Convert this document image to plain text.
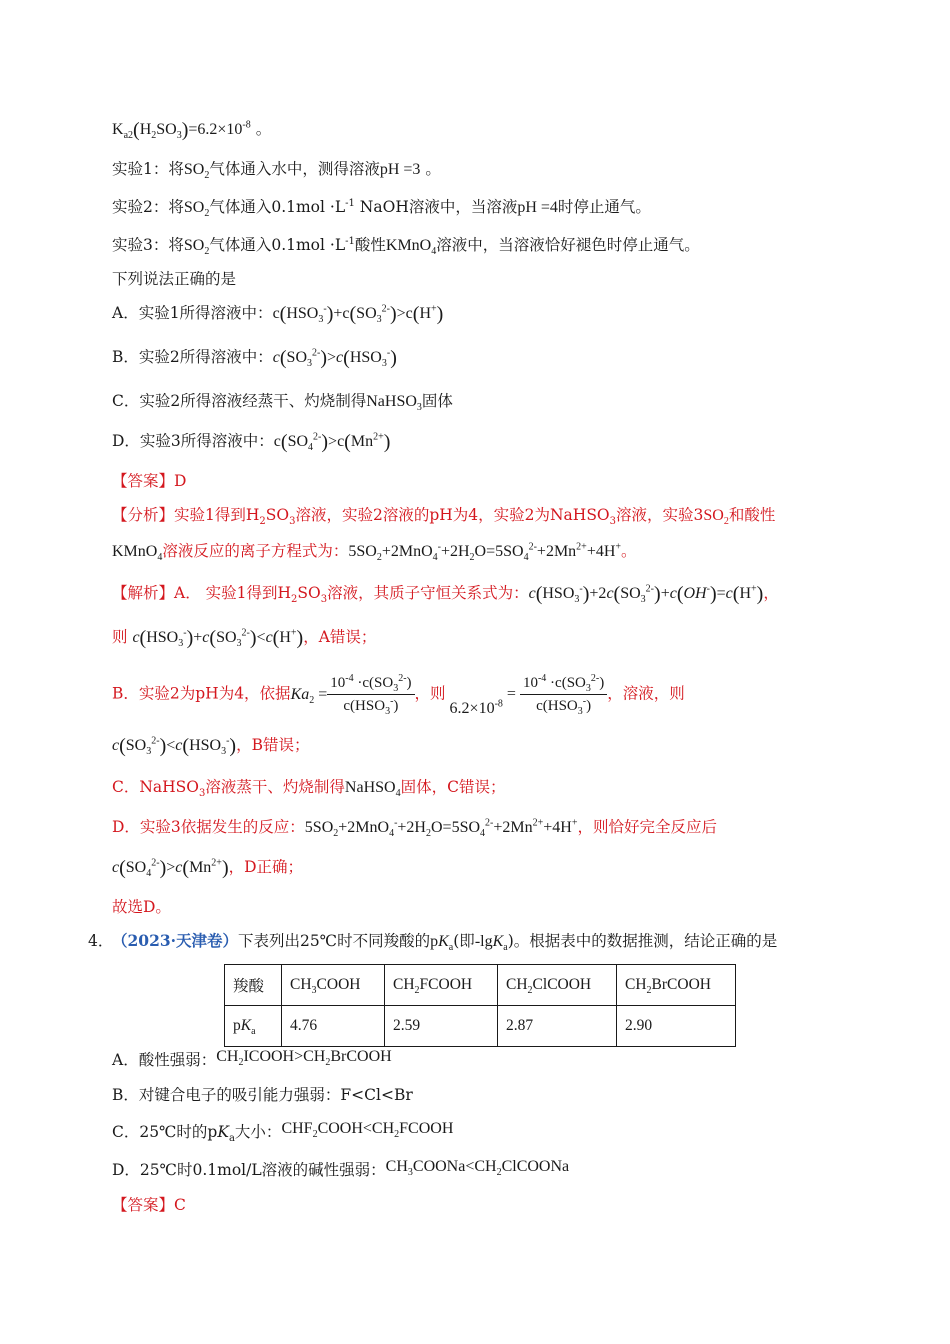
$K_{a2}(H_2SO_3)=6.2\times 10^{-8}$ 。
实验1：将$SO_2$气体通入水中，测得溶液pH =3 。
实验2：将$SO_2$气体通入$0.1mol \cdot L^{-1}$ NaOH溶液中，当溶液pH =4时停止通气。
实验3：将$SO_2$气体通入$0.1mol \cdot L^{-1}$酸性KMnO$_4$溶液中，当溶液恰好褪色时停止通气。
下列说法正确的是
A．实验1所得溶液中：$c(HSO_3^-)+c(SO_3^{2-})>c(H^+)$
B．实验2所得溶液中：$c(SO_3^{2-})>c(HSO_3^-)$
C．实验2所得溶液经蒸干、灼烧制得NaHSO$_3$固体
D．实验3所得溶液中：$c(SO_4^{2-})>c(Mn^{2+})$
【答案】D
【分析】实验1得到$H_2SO_3$溶液，实验2溶液的pH为4，实验2为NaHSO$_3$溶液，实验$3SO_2$和酸性
KMnO$_4$溶液反应的离子方程式为：$5SO_2+2MnO_4^-+2H_2O=5SO_4^{2-}+2Mn^{2+}+4H^+$。
【解析】A． 实验1得到$H_2SO_3$溶液，其质子守恒关系式为：$c(HSO_3^-)+2c(SO_3^{2-})+c(OH^-)=c(H^+)$，
则 $c(HSO_3^-)+c(SO_3^{2-})<c(H^+)$，A错误；
B．实验2为pH为4，依据$Ka_2 = \frac{10^{-4} \cdot c(SO_3^{2-})}{c(HSO_3^-)}$ ，则 $6.2\times 10^{-8} = \frac{10^{-4} \cdot c(SO_3^{2-})}{c(HSO_3^-)}$ ，溶液，则
$c(SO_3^{2-})<c(HSO_3^-)$，B错误；
C．NaHSO$_3$溶液蒸干、灼烧制得NaHSO$_4$固体，C错误；
D．实验3依据发生的反应：$5SO_2+2MnO_4^-+2H_2O=5SO_4^{2-}+2Mn^{2+}+4H^+$，则恰好完全反应后
$c(SO_4^{2-})>c(Mn^{2+})$，D正确；
故选D。
4．
（2023·天津卷）下表列出25℃时不同羧酸的$pK_a$(即-lgK$_a$)。根据表中的数据推测，结论正确的是
羧酸	$CH_3COOH$	$CH_2FCOOH$	$CH_2ClCOOH$	$CH_2BrCOOH$
$pK_a$	4.76	2.59	2.87	2.90
A．酸性强弱：$CH_2ICOOH>CH_2BrCOOH$
B．对键合电子的吸引能力强弱：F<Cl<Br
C．25℃时的$pK_a$大小：$CHF_2COOH<CH_2FCOOH$
D．25℃时0.1mol/L溶液的碱性强弱：$CH_3COONa<CH_2ClCOONa$
【答案】C
